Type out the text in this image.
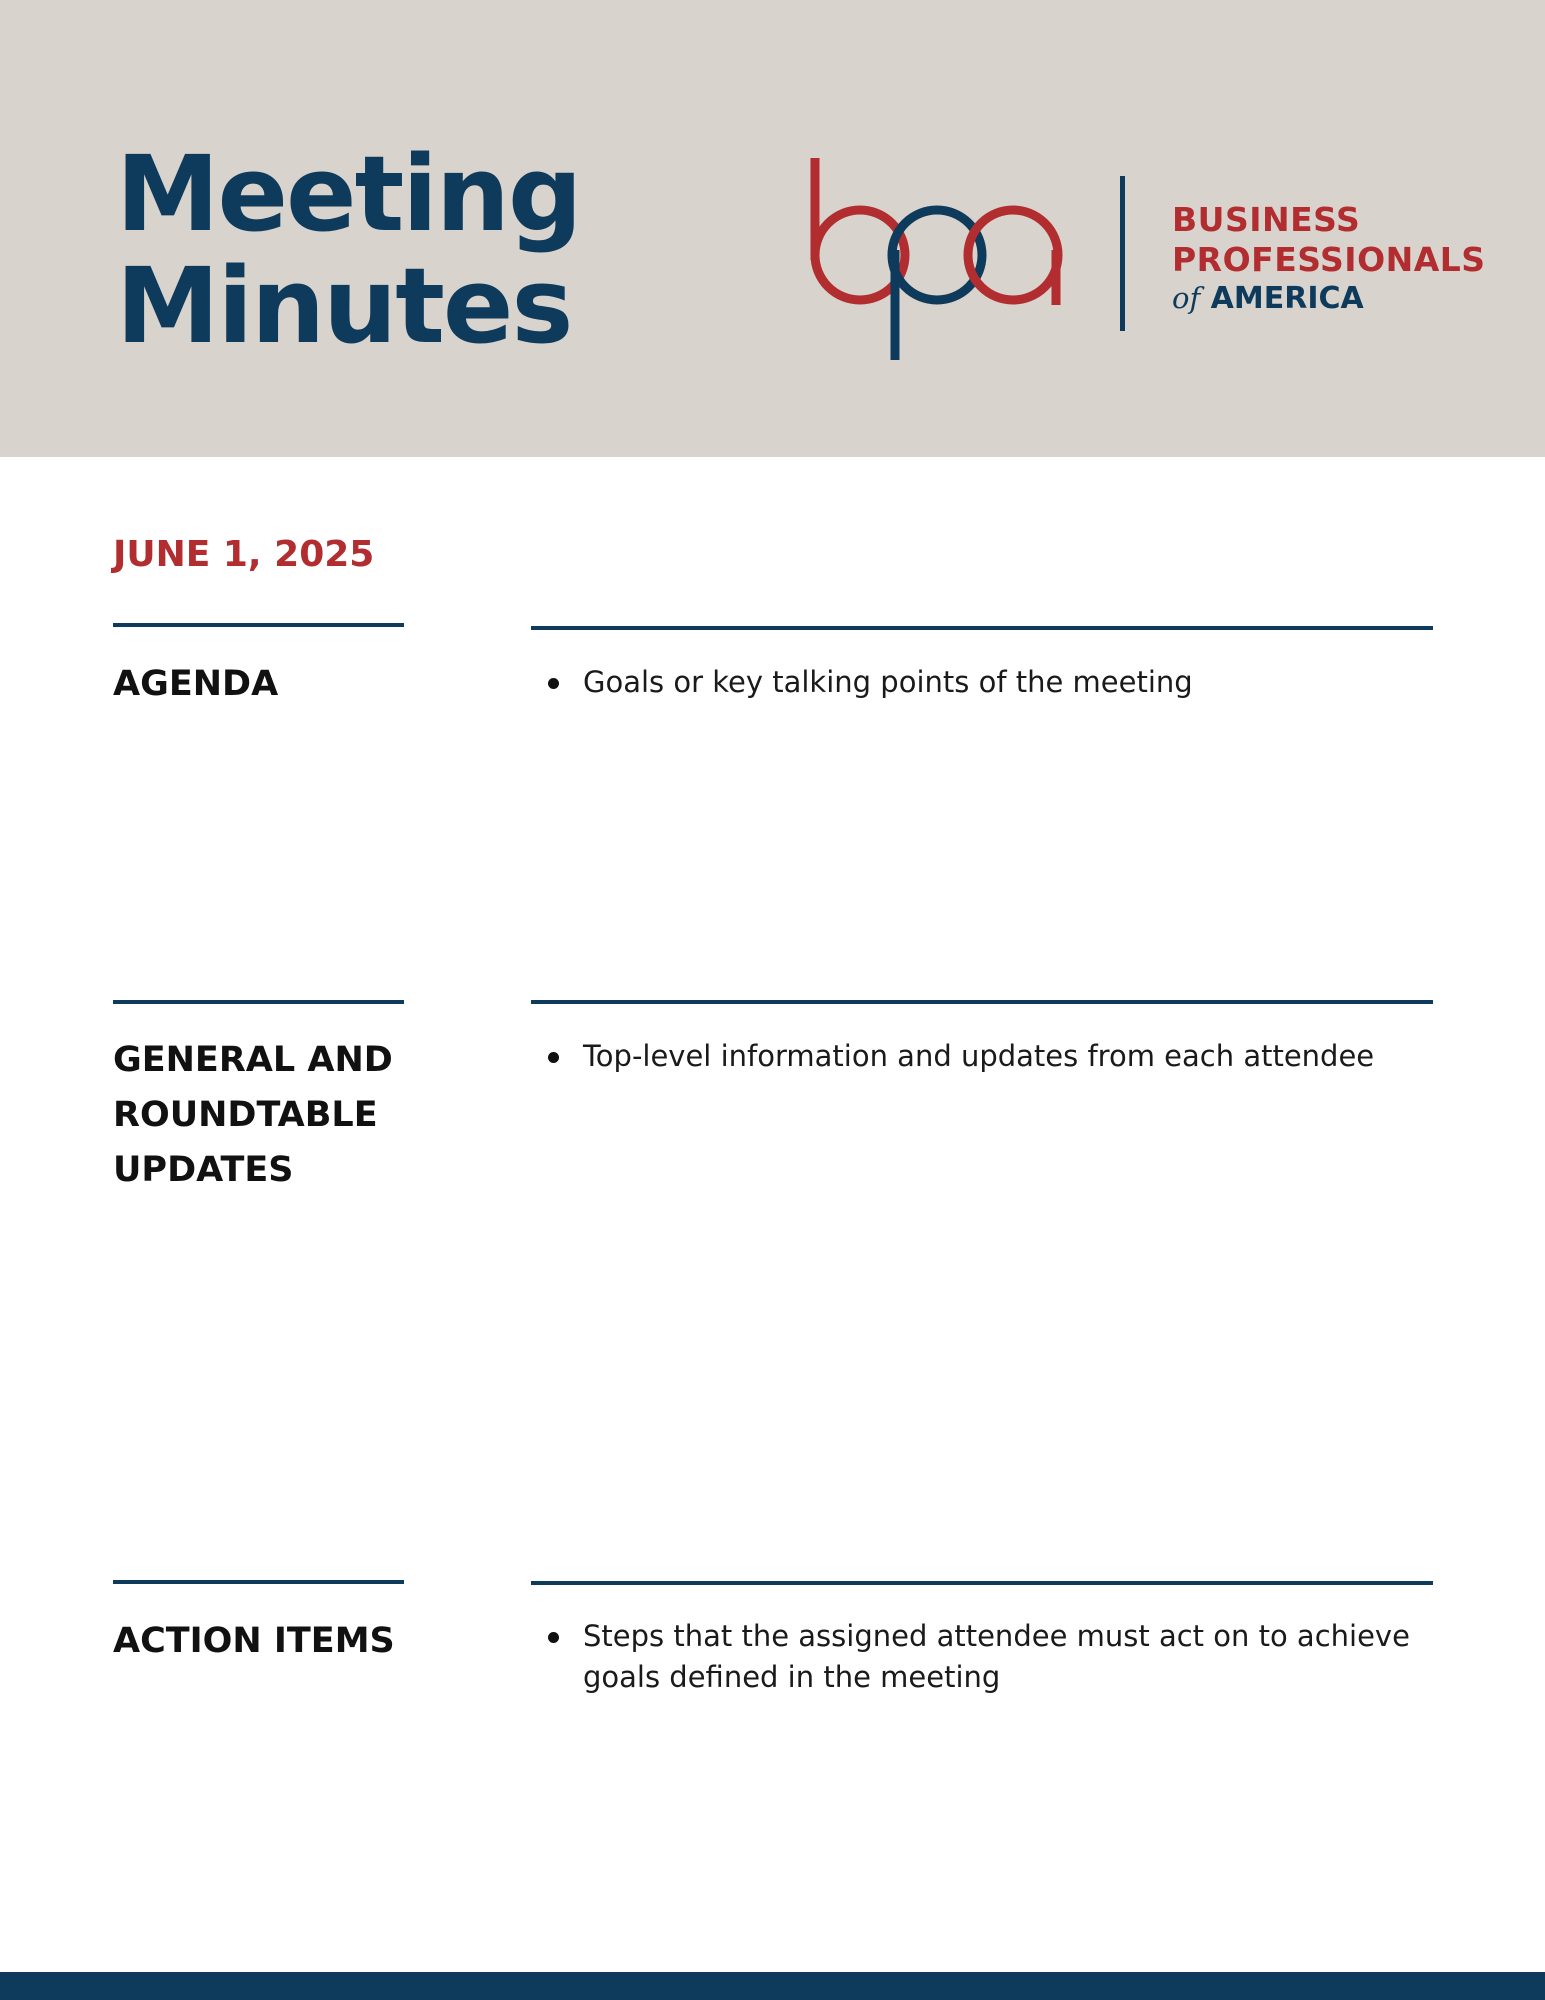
Meeting
Minutes
BUSINESS
PROFESSIONALS
of AMERICA
JUNE 1, 2025
AGENDA	Goals or key talking points of the meeting
GENERAL AND
ROUNDTABLE
UPDATES
Top-level information and updates from each attendee
ACTION ITEMS	Steps that the assigned attendee must act on to achieve goals defined in the meeting
